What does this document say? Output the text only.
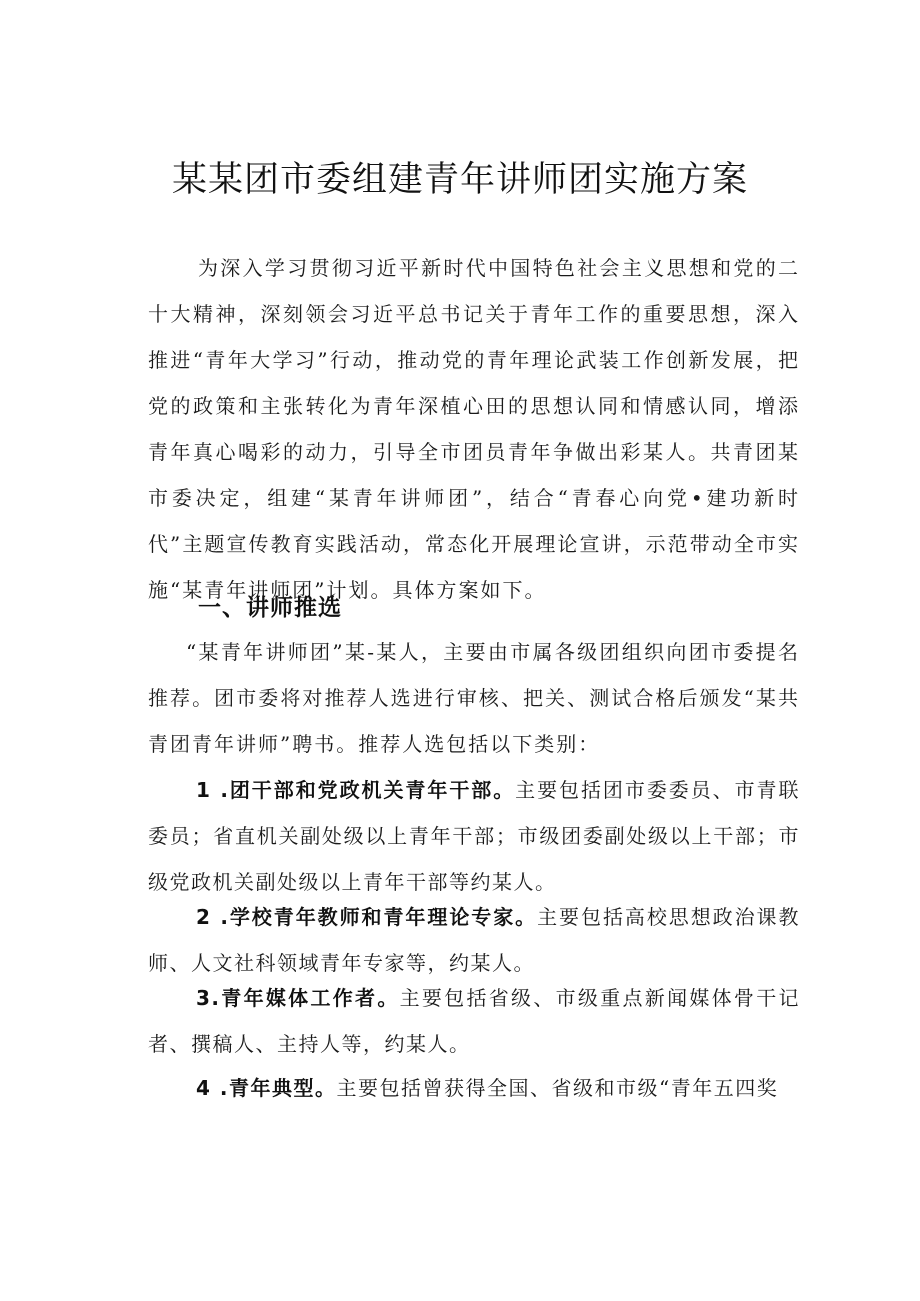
某某团市委组建青年讲师团实施方案

为深入学习贯彻习近平新时代中国特色社会主义思想和党的二十大精神，深刻领会习近平总书记关于青年工作的重要思想，深入推进“青年大学习”行动，推动党的青年理论武装工作创新发展，把党的政策和主张转化为青年深植心田的思想认同和情感认同，增添青年真心喝彩的动力，引导全市团员青年争做出彩某人。共青团某市委决定，组建“某青年讲师团”，结合“青春心向党•建功新时代”主题宣传教育实践活动，常态化开展理论宣讲，示范带动全市实施“某青年讲师团”计划。具体方案如下。

一、讲师推选

“某青年讲师团”某-某人，主要由市属各级团组织向团市委提名推荐。团市委将对推荐人选进行审核、把关、测试合格后颁发“某共青团青年讲师”聘书。推荐人选包括以下类别：

1 .团干部和党政机关青年干部。主要包括团市委委员、市青联委员；省直机关副处级以上青年干部；市级团委副处级以上干部；市级党政机关副处级以上青年干部等约某人。

2 .学校青年教师和青年理论专家。主要包括高校思想政治课教师、人文社科领域青年专家等，约某人。

3.青年媒体工作者。主要包括省级、市级重点新闻媒体骨干记者、撰稿人、主持人等，约某人。

4 .青年典型。主要包括曾获得全国、省级和市级“青年五四奖
